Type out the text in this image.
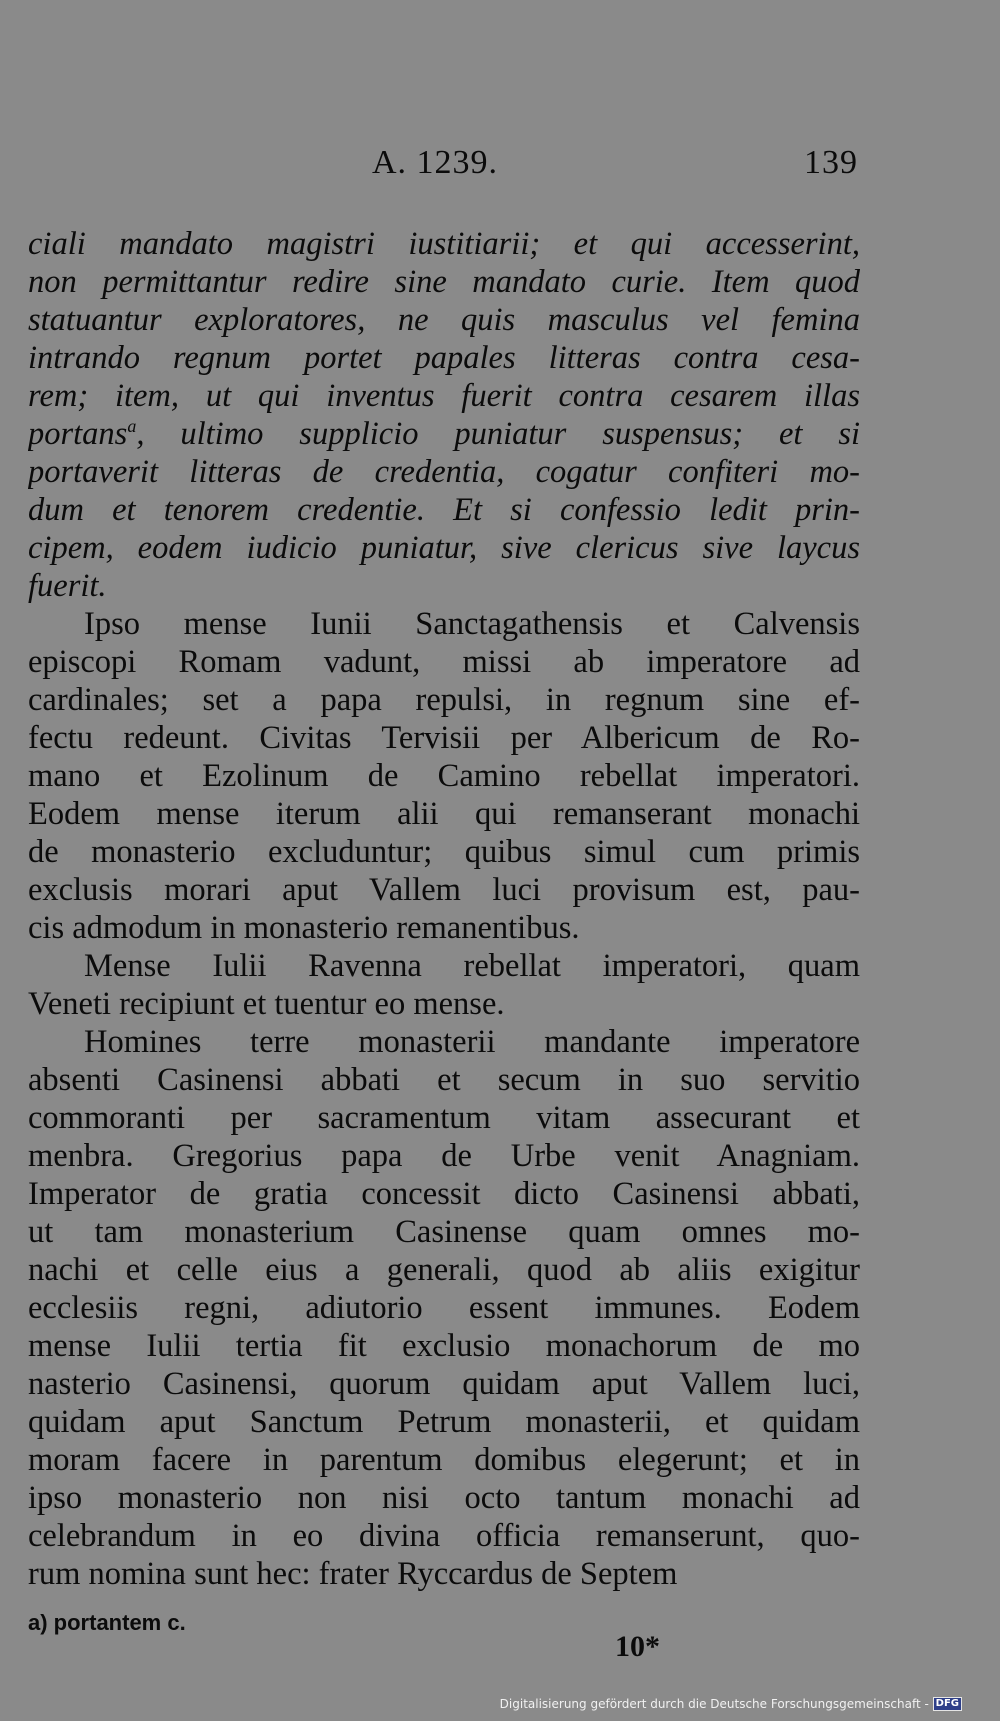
A. 1239.	139
ciali mandato magistri iustitiarii; et qui accesserint,
non permittantur redire sine mandato curie. Item quod
statuantur exploratores, ne quis masculus vel femina
intrando regnum portet papales litteras contra cesa-
rem; item, ut qui inventus fuerit contra cesarem illas
portans$^a$, ultimo supplicio puniatur suspensus; et si
portaverit litteras de credentia, cogatur confiteri mo-
dum et tenorem credentie. Et si confessio ledit prin-
cipem, eodem iudicio puniatur, sive clericus sive laycus
fuerit.
Ipso mense Iunii Sanctagathensis et Calvensis
episcopi Romam vadunt, missi ab imperatore ad
cardinales; set a papa repulsi, in regnum sine ef-
fectu redeunt. Civitas Tervisii per Albericum de Ro-
mano et Ezolinum de Camino rebellat imperatori.
Eodem mense iterum alii qui remanserant monachi
de monasterio excluduntur; quibus simul cum primis
exclusis morari aput Vallem luci provisum est, pau-
cis admodum in monasterio remanentibus.
Mense Iulii Ravenna rebellat imperatori, quam
Veneti recipiunt et tuentur eo mense.
Homines terre monasterii mandante imperatore
absenti Casinensi abbati et secum in suo servitio
commoranti per sacramentum vitam assecurant et
menbra. Gregorius papa de Urbe venit Anagniam.
Imperator de gratia concessit dicto Casinensi abbati,
ut tam monasterium Casinense quam omnes mo-
nachi et celle eius a generali, quod ab aliis exigitur
ecclesiis regni, adiutorio essent immunes. Eodem
mense Iulii tertia fit exclusio monachorum de mo
nasterio Casinensi, quorum quidam aput Vallem luci,
quidam aput Sanctum Petrum monasterii, et quidam
moram facere in parentum domibus elegerunt; et in
ipso monasterio non nisi octo tantum monachi ad
celebrandum in eo divina officia remanserunt, quo-
rum nomina sunt hec: frater Ryccardus de Septem
a) portantem c.
10*
Digitalisierung gefördert durch die Deutsche Forschungsgemeinschaft - DFG
